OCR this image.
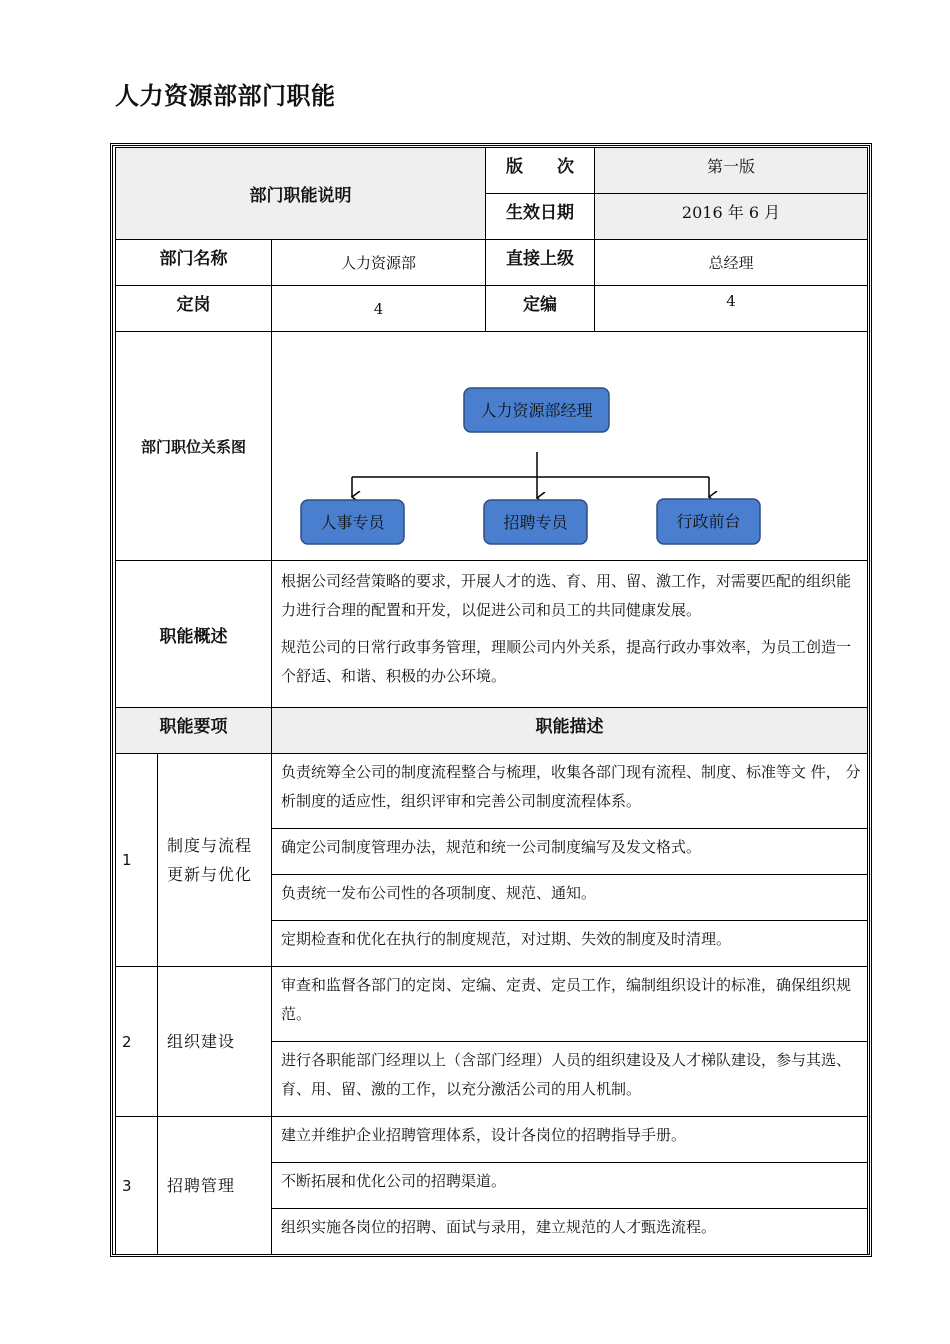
人力资源部部门职能
部门职能说明			版　　次	第一版
			生效日期	2016 年 6 月
部门名称		人力资源部	直接上级	总经理
定岗		4	定编	4
部门职位关系图		人力资源部经理
人事专员 招聘专员 行政前台		

职能概述		根据公司经营策略的要求，开展人才的选、育、用、留、激工作，对需要匹配的组织能力进行合理的配置和开发，以促进公司和员工的共同健康发展。

规范公司的日常行政事务管理，理顺公司内外关系，提高行政办事效率，为员工创造一个舒适、和谐、积极的办公环境。		

职能要项		职能描述		
1	制度与流程更新与优化	负责统筹全公司的制度流程整合与梳理，收集各部门现有流程、制度、标准等文 件， 分析制度的适应性，组织评审和完善公司制度流程体系。		
		确定公司制度管理办法，规范和统一公司制度编写及发文格式。		
		负责统一发布公司性的各项制度、规范、通知。		
		定期检查和优化在执行的制度规范，对过期、失效的制度及时清理。		
2	组织建设	审查和监督各部门的定岗、定编、定责、定员工作，编制组织设计的标准，确保组织规范。		
		进行各职能部门经理以上（含部门经理）人员的组织建设及人才梯队建设，参与其选、育、用、留、激的工作，以充分激活公司的用人机制。		
3	招聘管理	建立并维护企业招聘管理体系，设计各岗位的招聘指导手册。		
		不断拓展和优化公司的招聘渠道。		
		组织实施各岗位的招聘、面试与录用，建立规范的人才甄选流程。		
